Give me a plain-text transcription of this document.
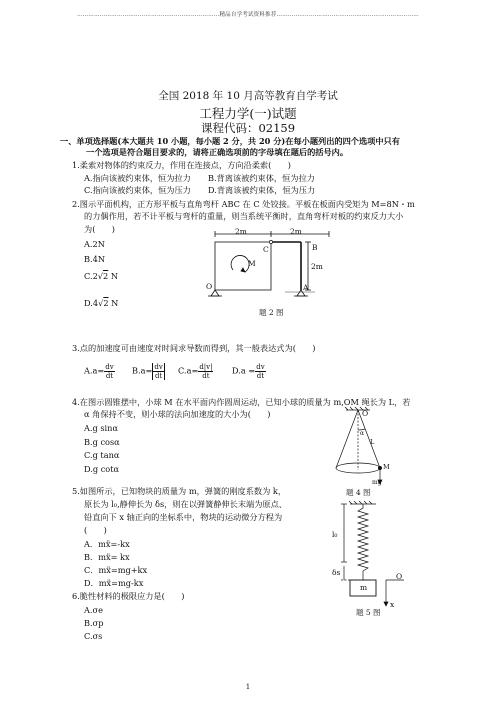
…………………………………………………………………精品自学考试资料推荐…………………………………………………………………
全国 2018 年 10 月高等教育自学考试
工程力学(一)试题
课程代码：02159
一、单项选择题(本大题共 10 小题，每小题 2 分，共 20 分)在每小题列出的四个选项中只有
一个选项是符合题目要求的，请将正确选项前的字母填在题后的括号内。
1.柔索对物体的约束反力，作用在连接点，方向沿柔索(　　)
A.指向该被约束体，恒为拉力 B.背离该被约束体，恒为拉力
C.指向该被约束体，恒为压力 D.背离该被约束体，恒为压力
2.图示平面机构，正方形平板与直角弯杆 ABC 在 C 处铰接。平板在板面内受矩为 M=8N・m
的力偶作用，若不计平板与弯杆的重量，则当系统平衡时，直角弯杆对板的约束反力大小
为(　　)
A.2N
B.4N
C.2√2 N
D.4√2 N
2m	2m
2m
C	B
M
O	A
题 2 图
3.点的加速度可由速度对时间求导数而得到，其一般表达式为(　　)
$A.a= \frac{dv}{dt} B.a= \frac{dv}{dt} C.a= \frac{d|v|}{dt} D.a = \frac{dv}{dt}$
4.在图示圆锥摆中，小球 M 在水平面内作圆周运动，已知小球的质量为 m,OM 绳长为 L，若
α 角保持不变，则小球的法向加速度的大小为(　　)
A.g sinα
B.g cosα
C.g tanα
D.g cotα
O
α
L
M
mg
题 4 图
5.如图所示，已知物块的质量为 m，弹簧的刚度系数为 k，
原长为 l₀,静伸长为 δs，则在以弹簧静伸长末端为原点、
铅直向下 x 轴正向的坐标系中，物块的运动微分方程为
(　　)
A．mẍ=-kx
B．mẍ= kx
C．mẍ=mg+kx
D．mẍ=mg-kx
l₀
δs
m
O
x
题 5 图
6.脆性材料的极限应力是(　　)
A.σe
B.σp
C.σs
1
